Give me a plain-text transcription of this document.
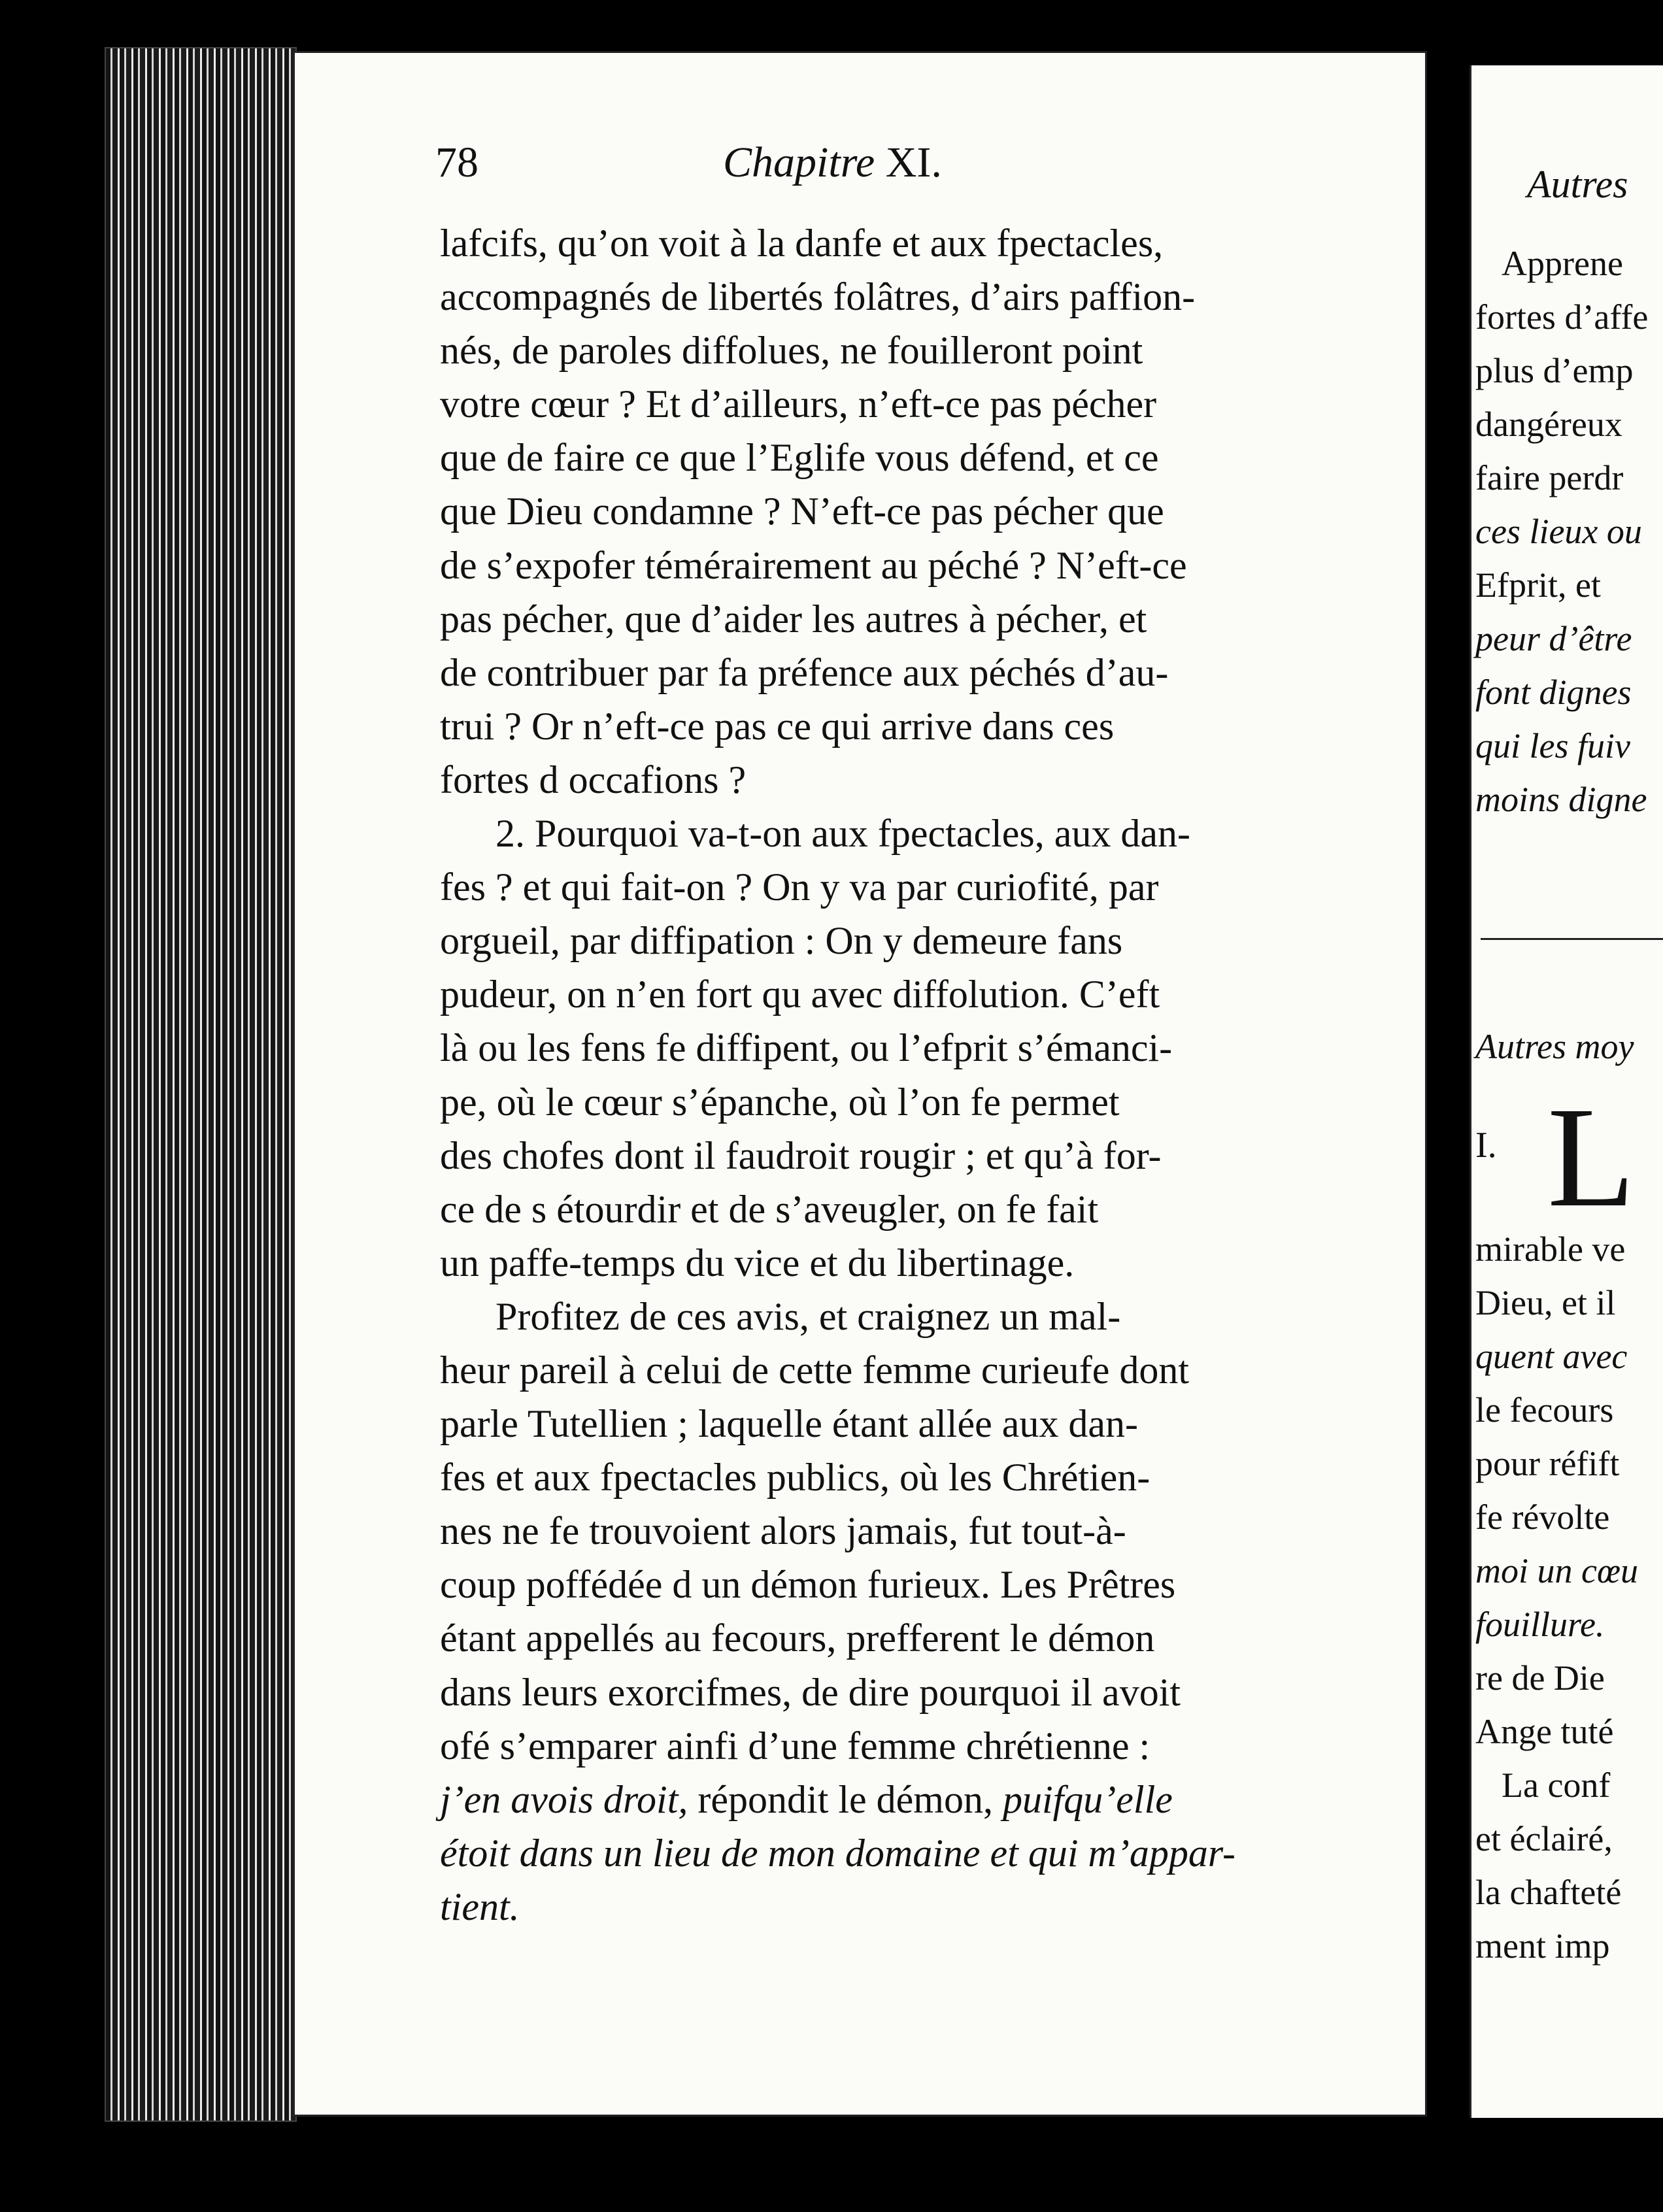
78	Chapitre XI.
lafcifs, qu’on voit à la danfe et aux fpectacles,
accompagnés de libertés folâtres, d’airs paffion-
nés, de paroles diffolues, ne fouilleront point
votre cœur ? Et d’ailleurs, n’eft-ce pas pécher
que de faire ce que l’Eglife vous défend, et ce
que Dieu condamne ? N’eft-ce pas pécher que
de s’expofer témérairement au péché ? N’eft-ce
pas pécher, que d’aider les autres à pécher, et
de contribuer par fa préfence aux péchés d’au-
trui ? Or n’eft-ce pas ce qui arrive dans ces
fortes d occafions ?
2. Pourquoi va-t-on aux fpectacles, aux dan-
fes ? et qui fait-on ? On y va par curiofité, par
orgueil, par diffipation : On y demeure fans
pudeur, on n’en fort qu avec diffolution. C’eft
là ou les fens fe diffipent, ou l’efprit s’émanci-
pe, où le cœur s’épanche, où l’on fe permet
des chofes dont il faudroit rougir ; et qu’à for-
ce de s étourdir et de s’aveugler, on fe fait
un paffe-temps du vice et du libertinage.
Profitez de ces avis, et craignez un mal-
heur pareil à celui de cette femme curieufe dont
parle Tutellien ; laquelle étant allée aux dan-
fes et aux fpectacles publics, où les Chrétien-
nes ne fe trouvoient alors jamais, fut tout-à-
coup poffédée d un démon furieux. Les Prêtres
étant appellés au fecours, prefferent le démon
dans leurs exorcifmes, de dire pourquoi il avoit
ofé s’emparer ainfi d’une femme chrétienne :
j’en avois droit, répondit le démon, puifqu’elle
étoit dans un lieu de mon domaine et qui m’appar-
tient.
Autres
Apprene
fortes d’affe
plus d’emp
dangéreux
faire perdr
ces lieux ou
Efprit, et
peur d’être
font dignes
qui les fuiv
moins digne
Autres moy
I. L
mirable ve
Dieu, et il
quent avec
le fecours
pour réfift
fe révolte
moi un cœu
fouillure.
re de Die
Ange tuté
La conf
et éclairé,
la chafteté
ment imp
